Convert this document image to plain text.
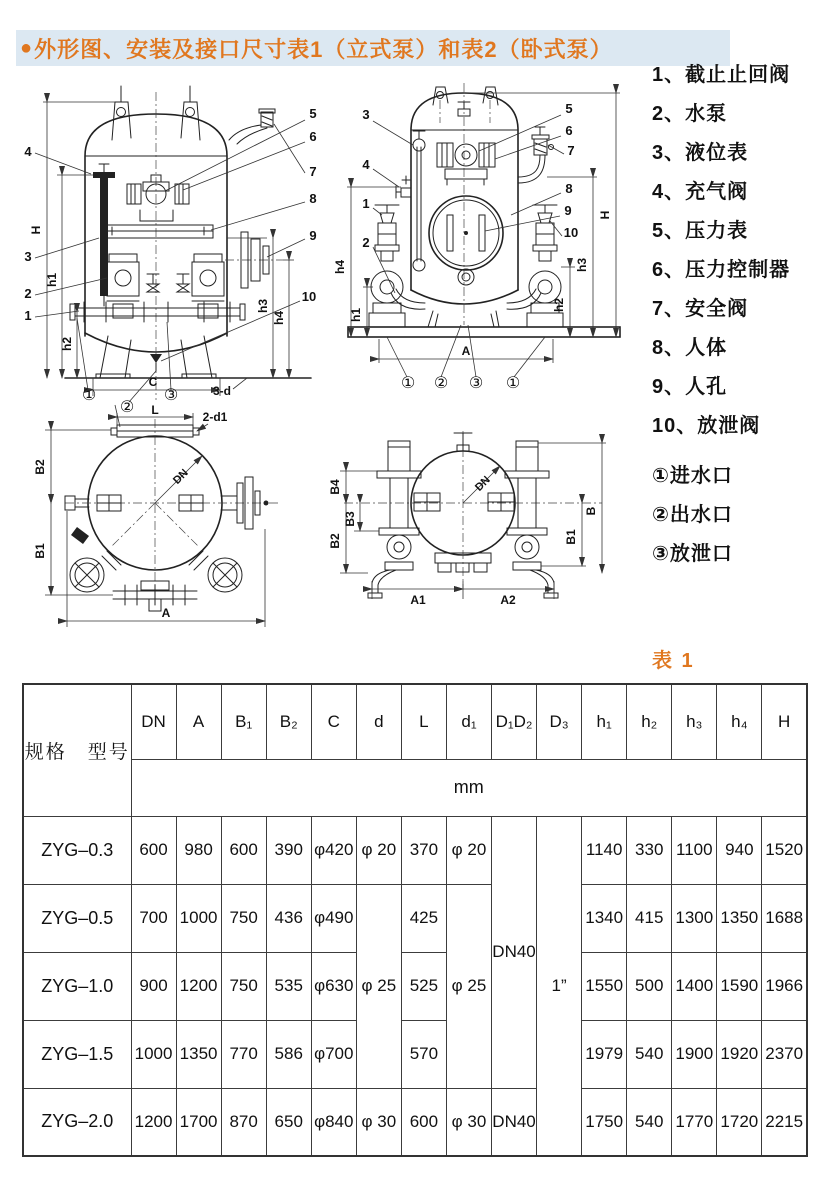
● 外形图、安装及接口尺寸表1（立式泵）和表2（卧式泵）
H
h1
h2
h3
h4
C
3-d
4
3
2
1
5
6
7
8
9
10
①
②
③
h4
h1
h2
h3
H
A
3
4
1
2
5
6
7
8
9
10
① ② ③ ①
DN
L	2-d1
B2
B1
A
DN
B4
B2
B3
B
B1
A1	A2
1、截止止回阀
2、水泵
3、液位表
4、充气阀
5、压力表
6、压力控制器
7、安全阀
8、人体
9、人孔
10、放泄阀
①进水口
②出水口
③放泄口
表 1
规格　型号	DN	A	B₁	B₂	C	d	L	d₁	D₁D₂	D₃	h₁	h₂	h₃	h₄	H
	mm														
ZYG–0.3	600	980	600	390	φ420	φ 20	370	φ 20	DN40	1”	1140	330	1100	940	1520
ZYG–0.5	700	1000	750	436	φ490	φ 25	425	φ 25			1340	415	1300	1350	1688
ZYG–1.0	900	1200	750	535	φ630		525				1550	500	1400	1590	1966
ZYG–1.5	1000	1350	770	586	φ700		570				1979	540	1900	1920	2370
ZYG–2.0	1200	1700	870	650	φ840	φ 30	600	φ 30	DN40		1750	540	1770	1720	2215
